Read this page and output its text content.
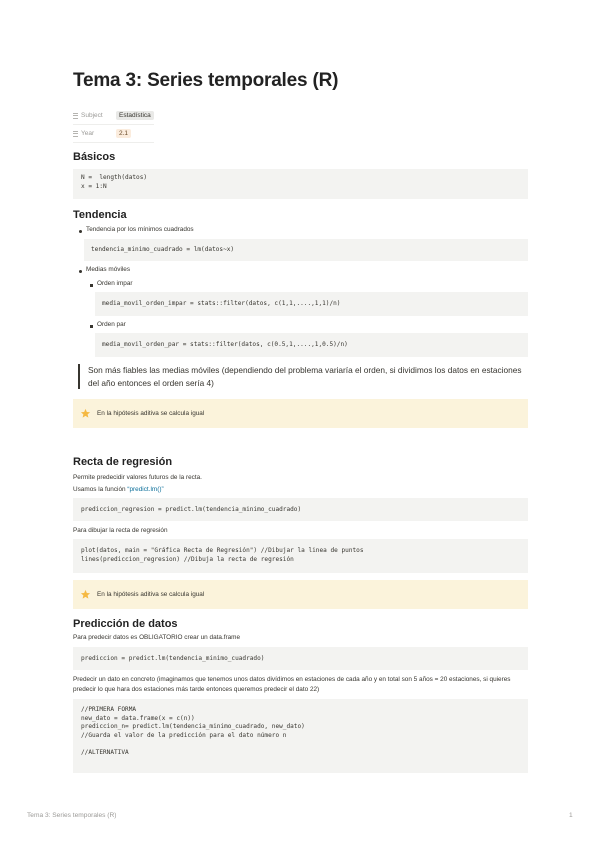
Tema 3: Series temporales (R)
Subject	Estadística
Year	2.1
Básicos
N =  length(datos)
x = 1:N
Tendencia
Tendencia por los mínimos cuadrados
tendencia_minimo_cuadrado = lm(datos~x)
Medias móviles
Orden impar
media_movil_orden_impar = stats::filter(datos, c(1,1,....,1,1)/n)
Orden par
media_movil_orden_par = stats::filter(datos, c(0.5,1,....,1,0.5)/n)
Son más fiables las medias móviles (dependiendo del problema variaría el orden, si dividimos los datos en estaciones del año entonces el orden sería 4)
En la hipótesis aditiva se calcula igual
Recta de regresión
Permite predecidir valores futuros de la recta.
Usamos la función “predict.lm()”
prediccion_regresion = predict.lm(tendencia_minimo_cuadrado)
Para dibujar la recta de regresión
plot(datos, main = "Gráfica Recta de Regresión") //Dibujar la linea de puntos
lines(prediccion_regresion) //Dibuja la recta de regresión
En la hipótesis aditiva se calcula igual
Predicción de datos
Para predecir datos es OBLIGATORIO crear un data.frame
prediccion = predict.lm(tendencia_minimo_cuadrado)
Predecir un dato en concreto (imaginamos que tenemos unos datos divídimos en estaciones de cada año y en total son 5 años = 20 estaciones, si quieres predecir lo que hara dos estaciones más tarde entonces queremos predecir el dato 22)
//PRIMERA FORMA
new_dato = data.frame(x = c(n))
prediccion_n= predict.lm(tendencia_minimo_cuadrado, new_dato)
//Guarda el valor de la predicción para el dato número n

//ALTERNATIVA
Tema 3: Series temporales (R)	1
